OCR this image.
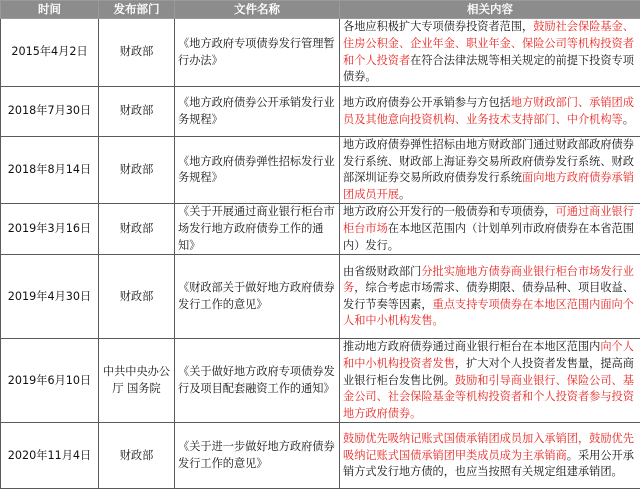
时间	发布部门	文件名称	相关内容
2015年4月2日	财政部	《地方政府专项债券发行管理暂行办法》	各地应积极扩大专项债券投资者范围，鼓励社会保险基金、住房公积金、企业年金、职业年金、保险公司等机构投资者和个人投资者在符合法律法规等相关规定的前提下投资专项债券。
2018年7月30日	财政部	《地方政府债券公开承销发行业务规程》	地方政府债券公开承销参与方包括地方财政部门、承销团成员及其他意向投资机构、业务技术支持部门、中介机构等。
2018年8月14日	财政部	《地方政府债券弹性招标发行业务规程》	地方政府债券弹性招标由地方财政部门通过财政部政府债券发行系统、财政部上海证券交易所政府债券发行系统、财政部深圳证券交易所政府债券发行系统面向地方政府债券承销团成员开展。
2019年3月16日	财政部	《关于开展通过商业银行柜台市场发行地方政府债券工作的通知》	地方政府公开发行的一般债券和专项债券，可通过商业银行柜台市场在本地区范围内（计划单列市政府债券在本省范围内）发行。
2019年4月30日	财政部	《财政部关于做好地方政府债券发行工作的意见》	由省级财政部门分批实施地方债券商业银行柜台市场发行业务，综合考虑市场需求、债券期限、债券品种、项目收益、发行节奏等因素，重点支持专项债券在本地区范围内面向个人和中小机构发售。
2019年6月10日	中共中央办公厅 国务院	《关于做好地方政府专项债券发行及项目配套融资工作的通知》	推动地方政府债券通过商业银行柜台在本地区范围内向个人和中小机构投资者发售，扩大对个人投资者发售量，提高商业银行柜台发售比例。鼓励和引导商业银行、保险公司、基金公司、社会保险基金等机构投资者和个人投资者参与投资地方政府债券。
2020年11月4日	财政部	《关于进一步做好地方政府债券发行工作的意见》	鼓励优先吸纳记账式国债承销团成员加入承销团，鼓励优先吸纳记账式国债承销团甲类成员成为主承销商。采用公开承销方式发行地方债的，也应当按照有关规定组建承销团。
